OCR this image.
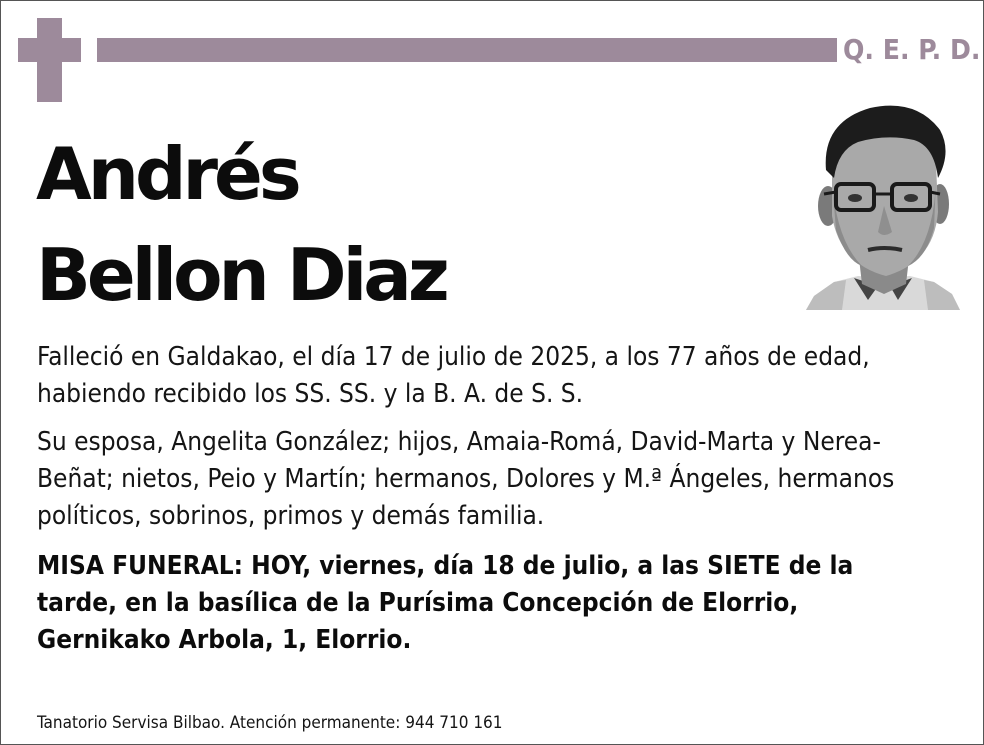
Q. E. P. D.
Andrés
Bellon Diaz

Falleció en Galdakao, el día 17 de julio de 2025, a los 77 años de edad, habiendo recibido los SS. SS. y la B. A. de S. S.

Su esposa, Angelita González; hijos, Amaia-Romá, David-Marta y Nerea-Beñat; nietos, Peio y Martín; hermanos, Dolores y M.ª Ángeles, hermanos políticos, sobrinos, primos y demás familia.

MISA FUNERAL: HOY, viernes, día 18 de julio, a las SIETE de la tarde, en la basílica de la Purísima Concepción de Elorrio, Gernikako Arbola, 1, Elorrio.

Tanatorio Servisa Bilbao. Atención permanente: 944 710 161
